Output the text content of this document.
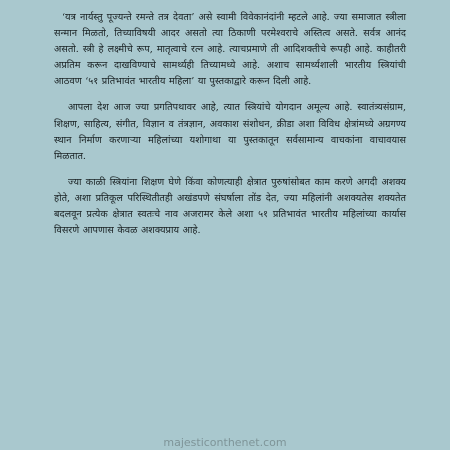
‘यत्र नार्यस्तु पूज्यन्ते रमन्ते तत्र देवता’ असे स्वामी विवेकानंदांनी म्हटले आहे. ज्या समाजात स्त्रीला सन्मान मिळतो, तिच्याविषयी आदर असतो त्या ठिकाणी परमेश्वराचे अस्तित्व असते. सर्वत्र आनंद असतो. स्त्री हे लक्ष्मीचे रूप, मातृत्वाचे रत्न आहे. त्याचप्रमाणे ती आदिशक्तीचे रूपही आहे. काहीतरी अप्रतिम करून दाखविण्याचे सामर्थ्यही तिच्यामध्ये आहे. अशाच सामर्थ्यशाली भारतीय स्त्रियांची आठवण ‘५१ प्रतिभावंत भारतीय महिला’ या पुस्तकाद्वारे करून दिली आहे.

आपला देश आज ज्या प्रगतिपथावर आहे, त्यात स्त्रियांचे योगदान अमूल्य आहे. स्वातंत्र्यसंग्राम, शिक्षण, साहित्य, संगीत, विज्ञान व तंत्रज्ञान, अवकाश संशोधन, क्रीडा अशा विविध क्षेत्रांमध्ये अग्रगण्य स्थान निर्माण करणाऱ्या महिलांच्या यशोगाथा या पुस्तकातून सर्वसामान्य वाचकांना वाचावयास मिळतात.

ज्या काळी स्त्रियांना शिक्षण घेणे किंवा कोणत्याही क्षेत्रात पुरुषांसोबत काम करणे अगदी अशक्य होते, अशा प्रतिकूल परिस्थितीतही अखंडपणे संघर्षाला तोंड देत, ज्या महिलांनी अशक्यतेस शक्यतेत बदलवून प्रत्येक क्षेत्रात स्वतःचे नाव अजरामर केले अशा ५१ प्रतिभावंत भारतीय महिलांच्या कार्यास विसरणे आपणास केवळ अशक्यप्राय आहे.

majesticonthenet.com
